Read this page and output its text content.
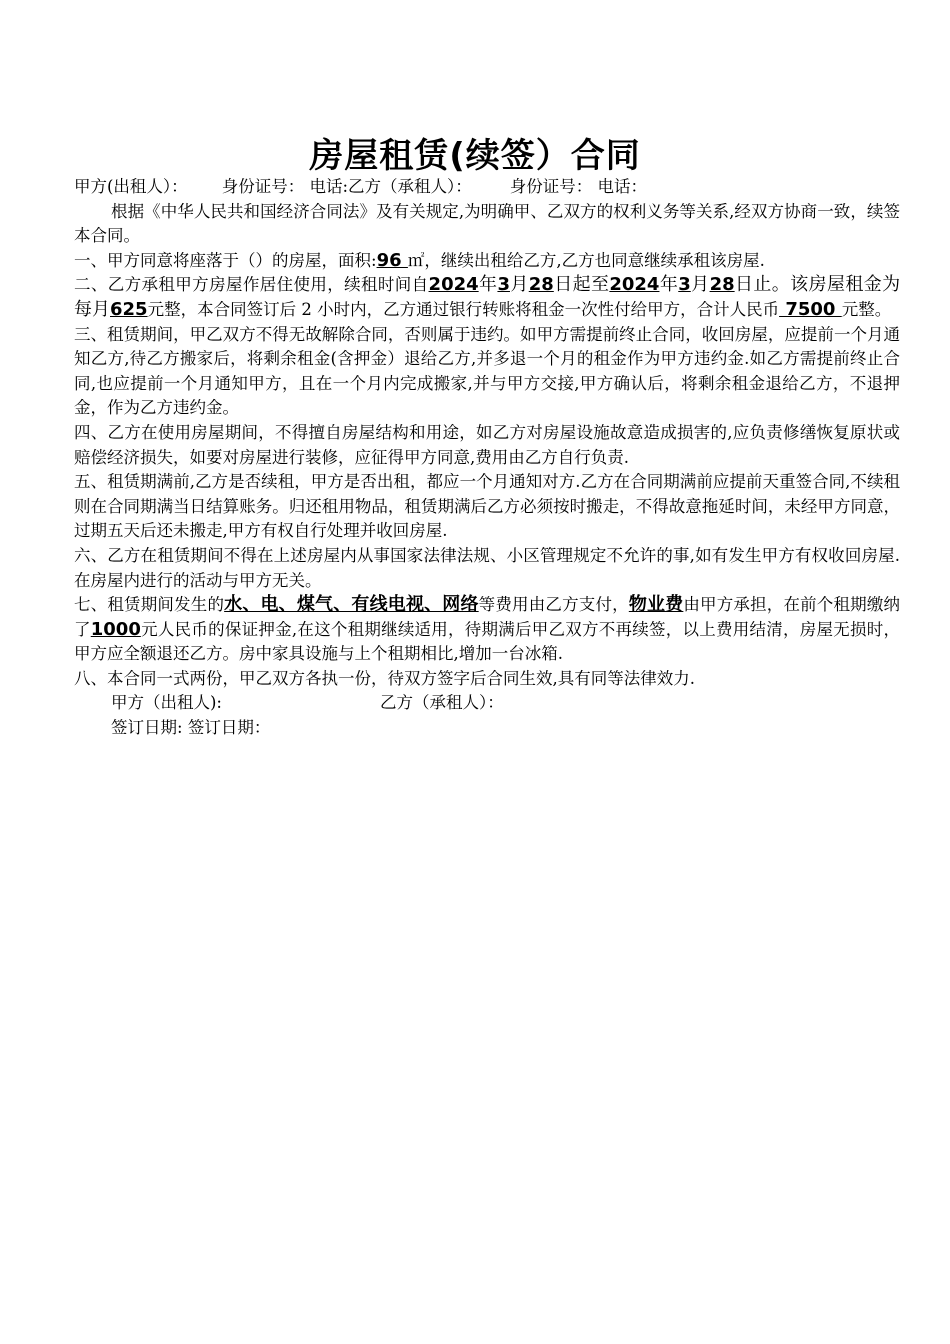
房屋租赁(续签）合同
甲方(出租人）： 身份证号： 电话:乙方（承租人）： 身份证号： 电话：

根据《中华人民共和国经济合同法》及有关规定,为明确甲、乙双方的权利义务等关系,经双方协商一致，续签本合同。

一、甲方同意将座落于（）的房屋，面积:96 ㎡，继续出租给乙方,乙方也同意继续承租该房屋.

二、乙方承租甲方房屋作居住使用，续租时间自2024年3月28日起至2024年3月28日止。该房屋租金为每月625元整，本合同签订后 2 小时内，乙方通过银行转账将租金一次性付给甲方，合计人民币 7500 元整。

三、租赁期间，甲乙双方不得无故解除合同，否则属于违约。如甲方需提前终止合同，收回房屋，应提前一个月通知乙方,待乙方搬家后，将剩余租金(含押金）退给乙方,并多退一个月的租金作为甲方违约金.如乙方需提前终止合同,也应提前一个月通知甲方，且在一个月内完成搬家,并与甲方交接,甲方确认后，将剩余租金退给乙方，不退押金，作为乙方违约金。

四、乙方在使用房屋期间，不得擅自房屋结构和用途，如乙方对房屋设施故意造成损害的,应负责修缮恢复原状或赔偿经济损失，如要对房屋进行装修，应征得甲方同意,费用由乙方自行负责.

五、租赁期满前,乙方是否续租，甲方是否出租，都应一个月通知对方.乙方在合同期满前应提前天重签合同,不续租则在合同期满当日结算账务。归还租用物品，租赁期满后乙方必须按时搬走，不得故意拖延时间，未经甲方同意，过期五天后还未搬走,甲方有权自行处理并收回房屋.

六、乙方在租赁期间不得在上述房屋内从事国家法律法规、小区管理规定不允许的事,如有发生甲方有权收回房屋.在房屋内进行的活动与甲方无关。

七、租赁期间发生的水、电、煤气、有线电视、网络等费用由乙方支付，物业费由甲方承担，在前个租期缴纳了1000元人民币的保证押金,在这个租期继续适用，待期满后甲乙双方不再续签，以上费用结清，房屋无损时，甲方应全额退还乙方。房中家具设施与上个租期相比,增加一台冰箱.

八、本合同一式两份，甲乙双方各执一份，待双方签字后合同生效,具有同等法律效力.

甲方（出租人):	乙方（承租人）：
签订日期: 签订日期：
